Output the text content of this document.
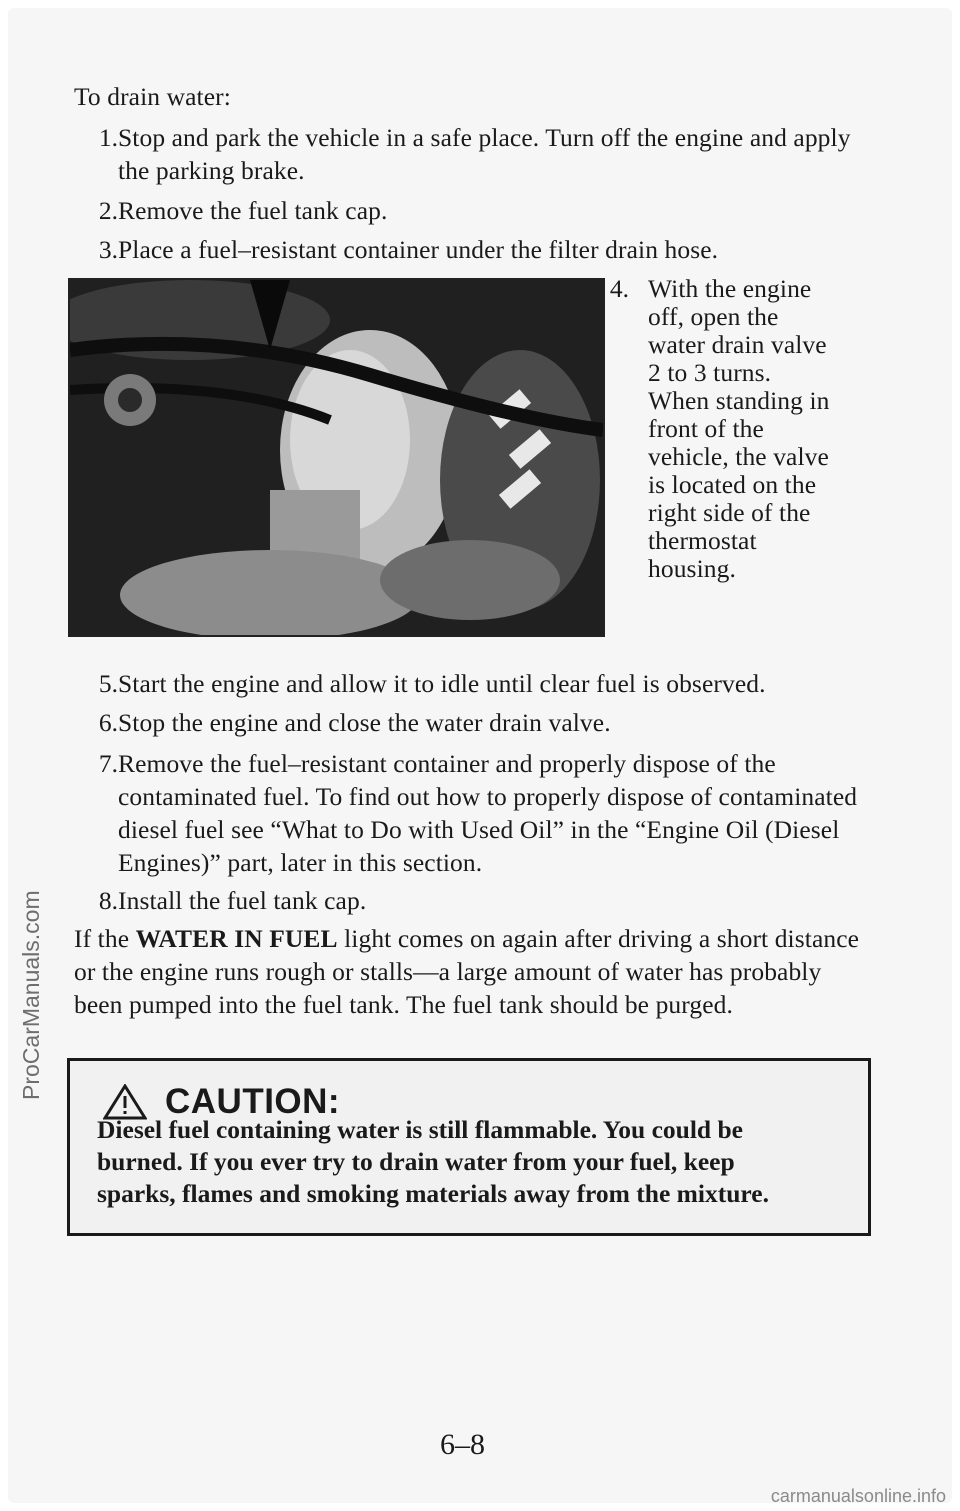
To drain water:
1. Stop and park the vehicle in a safe place. Turn off the engine and apply
the parking brake.
2. Remove the fuel tank cap.
3. Place a fuel–resistant container under the filter drain hose.
4. With the engine
off, open the
water drain valve
2 to 3 turns.
When standing in
front of the
vehicle, the valve
is located on the
right side of the
thermostat
housing.
5. Start the engine and allow it to idle until clear fuel is observed.
6. Stop the engine and close the water drain valve.
7. Remove the fuel–resistant container and properly dispose of the
contaminated fuel. To find out how to properly dispose of contaminated
diesel fuel see “What to Do with Used Oil” in the “Engine Oil (Diesel
Engines)” part, later in this section.
8. Install the fuel tank cap.
If the WATER IN FUEL light comes on again after driving a short distance
or the engine runs rough or stalls—a large amount of water has probably
been pumped into the fuel tank. The fuel tank should be purged.
CAUTION:
Diesel fuel containing water is still flammable. You could be
burned. If you ever try to drain water from your fuel, keep
sparks, flames and smoking materials away from the mixture.
6–8
ProCarManuals.com
carmanualsonline.info
